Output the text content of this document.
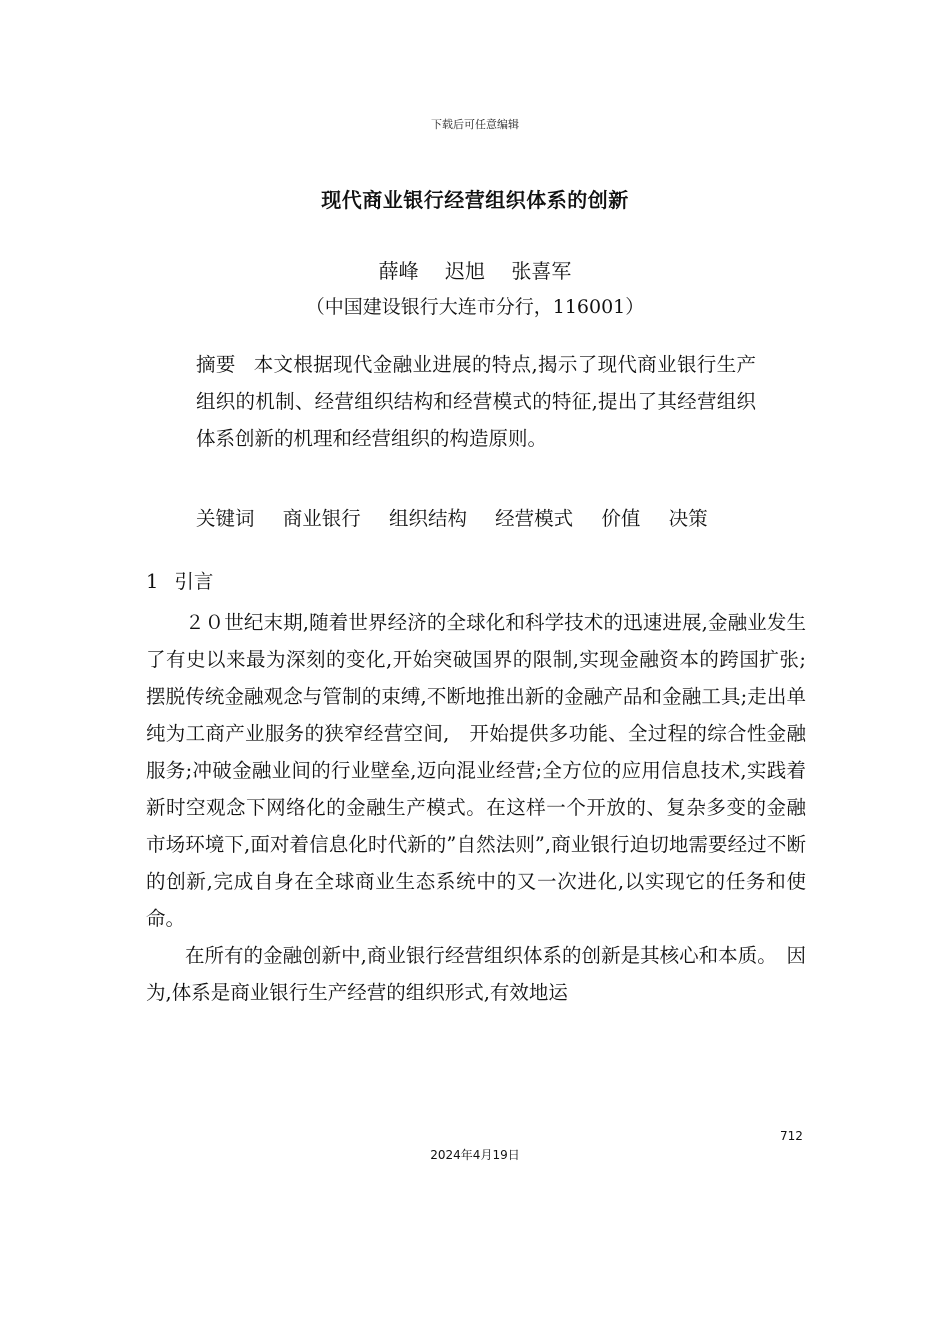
下载后可任意编辑
现代商业银行经营组织体系的创新
薛峰 迟旭 张喜军
（中国建设银行大连市分行，116001）
摘要 本文根据现代金融业进展的特点,揭示了现代商业银行生产组织的机制、经营组织结构和经营模式的特征,提出了其经营组织体系创新的机理和经营组织的构造原则。
关键词 商业银行 组织结构 经营模式 价值 决策
1 引言

２０世纪末期,随着世界经济的全球化和科学技术的迅速进展,金融业发生了有史以来最为深刻的变化,开始突破国界的限制,实现金融资本的跨国扩张;摆脱传统金融观念与管制的束缚,不断地推出新的金融产品和金融工具;走出单纯为工商产业服务的狭窄经营空间,　开始提供多功能、全过程的综合性金融服务;冲破金融业间的行业壁垒,迈向混业经营;全方位的应用信息技术,实践着新时空观念下网络化的金融生产模式。在这样一个开放的、复杂多变的金融市场环境下,面对着信息化时代新的”自然法则”,商业银行迫切地需要经过不断的创新,完成自身在全球商业生态系统中的又一次进化,以实现它的任务和使命。

在所有的金融创新中,商业银行经营组织体系的创新是其核心和本质。　因为,体系是商业银行生产经营的组织形式,有效地运

712
2024年4月19日
